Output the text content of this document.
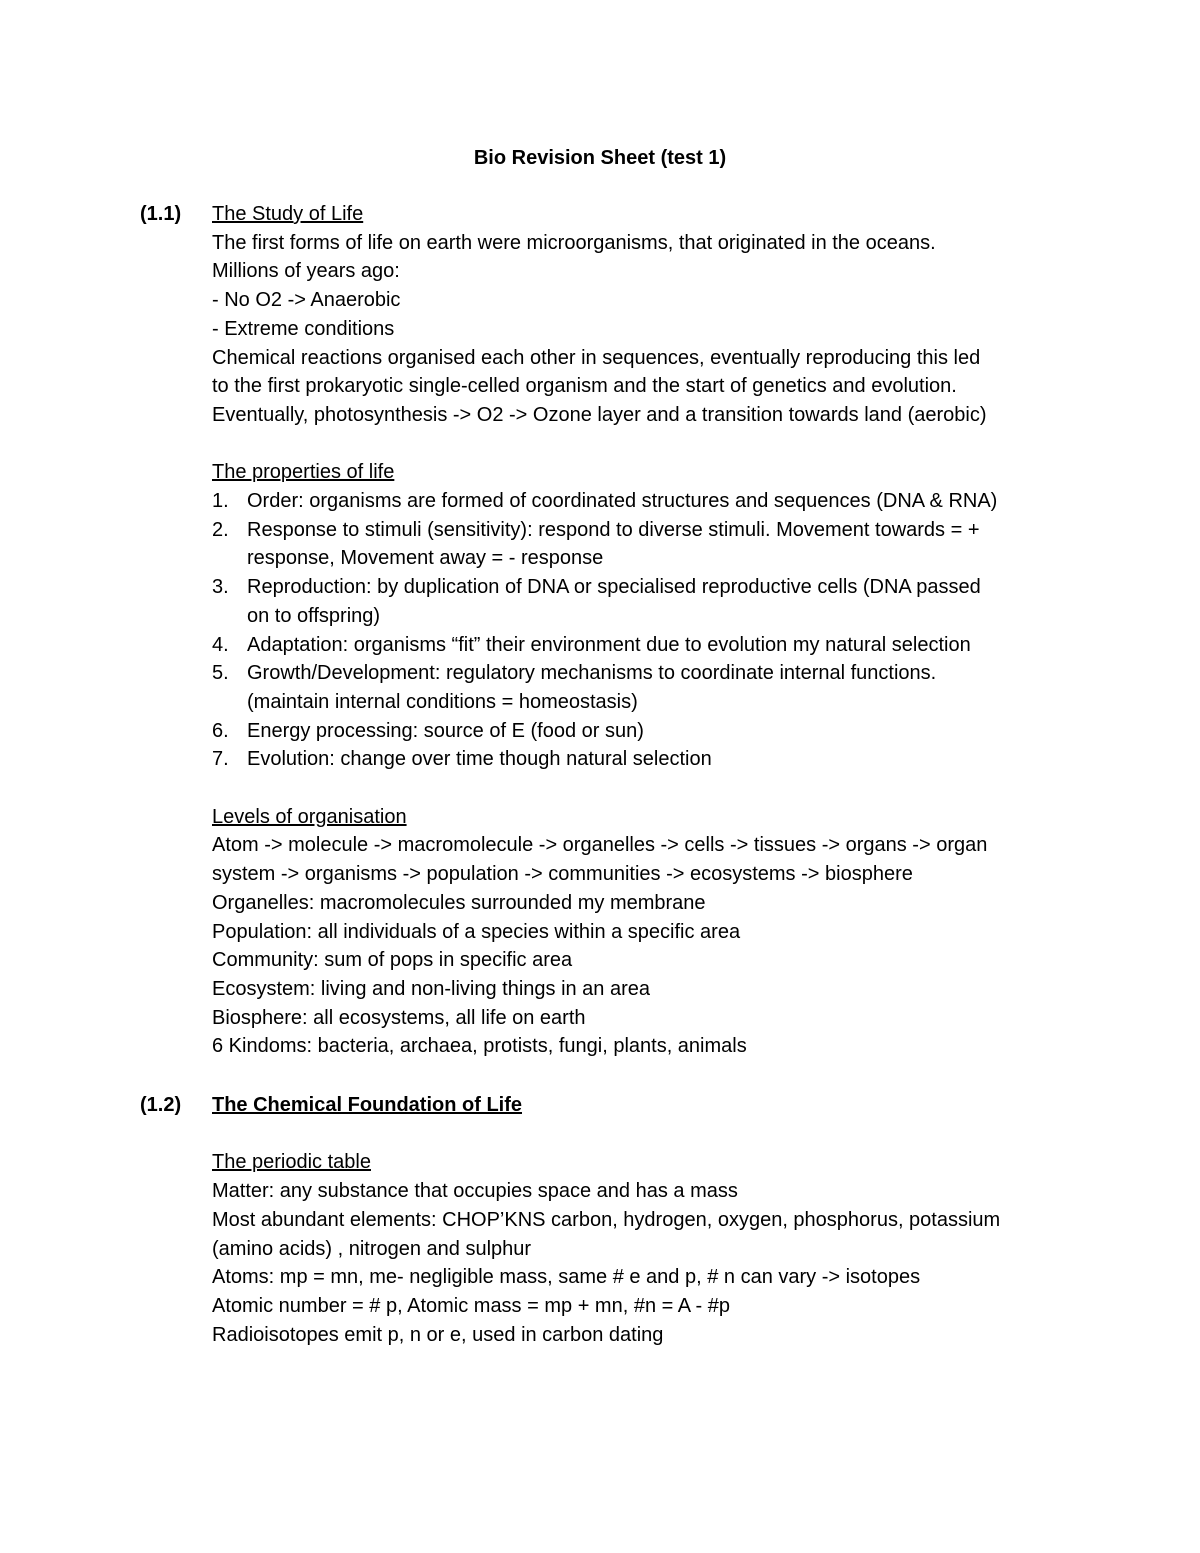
Bio Revision Sheet (test 1)
(1.1) The Study of Life
The first forms of life on earth were microorganisms, that originated in the oceans.
Millions of years ago:
- No O2 -> Anaerobic
- Extreme conditions
Chemical reactions organised each other in sequences, eventually reproducing this led
to the first prokaryotic single-celled organism and the start of genetics and evolution.
Eventually, photosynthesis -> O2 -> Ozone layer and a transition towards land (aerobic)
The properties of life
1. Order: organisms are formed of coordinated structures and sequences (DNA & RNA)
2. Response to stimuli (sensitivity): respond to diverse stimuli. Movement towards = +
response, Movement away = - response
3. Reproduction: by duplication of DNA or specialised reproductive cells (DNA passed
on to offspring)
4. Adaptation: organisms “fit” their environment due to evolution my natural selection
5. Growth/Development: regulatory mechanisms to coordinate internal functions.
(maintain internal conditions = homeostasis)
6. Energy processing: source of E (food or sun)
7. Evolution: change over time though natural selection
Levels of organisation
Atom -> molecule -> macromolecule -> organelles -> cells -> tissues -> organs -> organ
system -> organisms -> population -> communities -> ecosystems -> biosphere
Organelles: macromolecules surrounded my membrane
Population: all individuals of a species within a specific area
Community: sum of pops in specific area
Ecosystem: living and non-living things in an area
Biosphere: all ecosystems, all life on earth
6 Kindoms: bacteria, archaea, protists, fungi, plants, animals
(1.2) The Chemical Foundation of Life
The periodic table
Matter: any substance that occupies space and has a mass
Most abundant elements: CHOP’KNS carbon, hydrogen, oxygen, phosphorus, potassium
(amino acids) , nitrogen and sulphur
Atoms: mp = mn, me- negligible mass, same # e and p, # n can vary -> isotopes
Atomic number = # p, Atomic mass = mp + mn, #n = A - #p
Radioisotopes emit p, n or e, used in carbon dating
